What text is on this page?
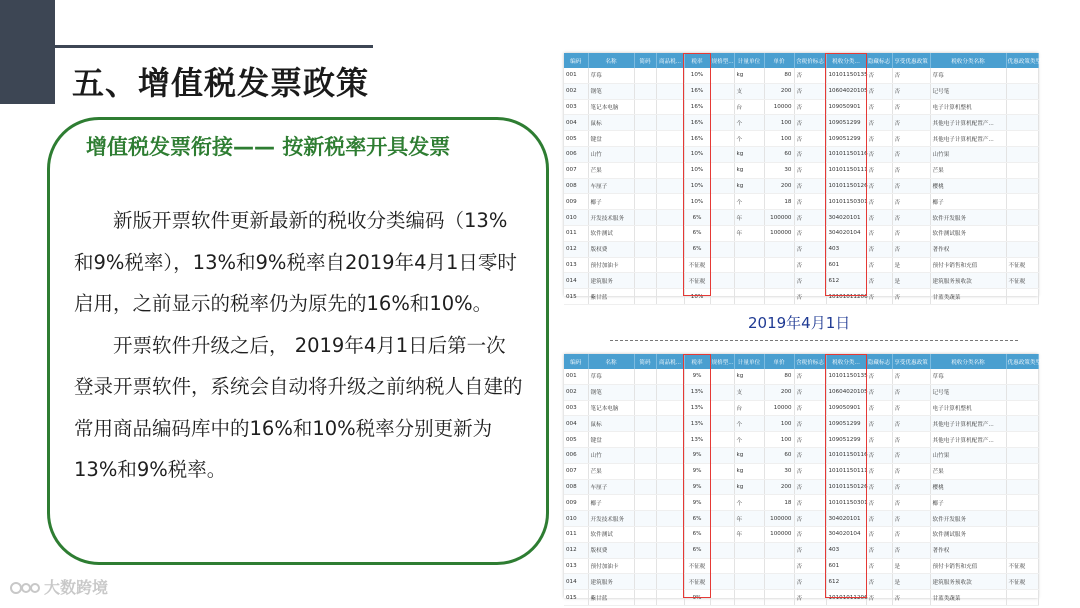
五、增值税发票政策
增值税发票衔接—— 按新税率开具发票

新版开票软件更新最新的税收分类编码（13%和9%税率），13%和9%税率自2019年4月1日零时启用，之前显示的税率仍为原先的16%和10%。

开票软件升级之后， 2019年4月1日后第一次登录开票软件，系统会自动将升级之前纳税人自建的常用商品编码库中的16%和10%税率分别更新为13%和9%税率。

大数跨境
编码	名称	简码	商品税...	税率	规格型...	计量单位	单价	含税价标志	税收分类...	隐藏标志	享受优惠政策	税收分类名称	优惠政策类型
001	草莓			10%		kg	80	否	10101150135	否	否	草莓	
002	钢笔			16%		支	200	否	10604020105	否	否	记号笔	
003	笔记本电脑			16%		台	10000	否	109050901	否	否	电子计算机整机	
004	鼠标			16%		个	100	否	109051299	否	否	其他电子计算机配置产...	
005	键盘			16%		个	100	否	109051299	否	否	其他电子计算机配置产...	
006	山竹			10%		kg	60	否	10101150116	否	否	山竹果	
007	芒果			10%		kg	30	否	10101150111	否	否	芒果	
008	车厘子			10%		kg	200	否	10101150126	否	否	樱桃	
009	椰子			10%		个	18	否	10101150301	否	否	椰子	
010	开发技术服务			6%		年	100000	否	304020101	否	否	软件开发服务	
011	软件测试			6%		年	100000	否	304020104	否	否	软件测试服务	
012	版权费			6%				否	403	否	否	著作权	
013	预付加油卡			不征税				否	601	否	是	预付卡销售和充值	不征税
014	建筑服务			不征税				否	612	否	是	建筑服务预收款	不征税
015	紫甘蓝			10%				否	10101011206	否	否	甘蓝类蔬菜	
2019年4月1日
编码	名称	简码	商品税...	税率	规格型...	计量单位	单价	含税价标志	税收分类...	隐藏标志	享受优惠政策	税收分类名称	优惠政策类型
001	草莓			9%		kg	80	否	10101150135	否	否	草莓	
002	钢笔			13%		支	200	否	10604020105	否	否	记号笔	
003	笔记本电脑			13%		台	10000	否	109050901	否	否	电子计算机整机	
004	鼠标			13%		个	100	否	109051299	否	否	其他电子计算机配置产...	
005	键盘			13%		个	100	否	109051299	否	否	其他电子计算机配置产...	
006	山竹			9%		kg	60	否	10101150116	否	否	山竹果	
007	芒果			9%		kg	30	否	10101150111	否	否	芒果	
008	车厘子			9%		kg	200	否	10101150126	否	否	樱桃	
009	椰子			9%		个	18	否	10101150301	否	否	椰子	
010	开发技术服务			6%		年	100000	否	304020101	否	否	软件开发服务	
011	软件测试			6%		年	100000	否	304020104	否	否	软件测试服务	
012	版权费			6%				否	403	否	否	著作权	
013	预付加油卡			不征税				否	601	否	是	预付卡销售和充值	不征税
014	建筑服务			不征税				否	612	否	是	建筑服务预收款	不征税
015	紫甘蓝			9%				否	10101011206	否	否	甘蓝类蔬菜	
